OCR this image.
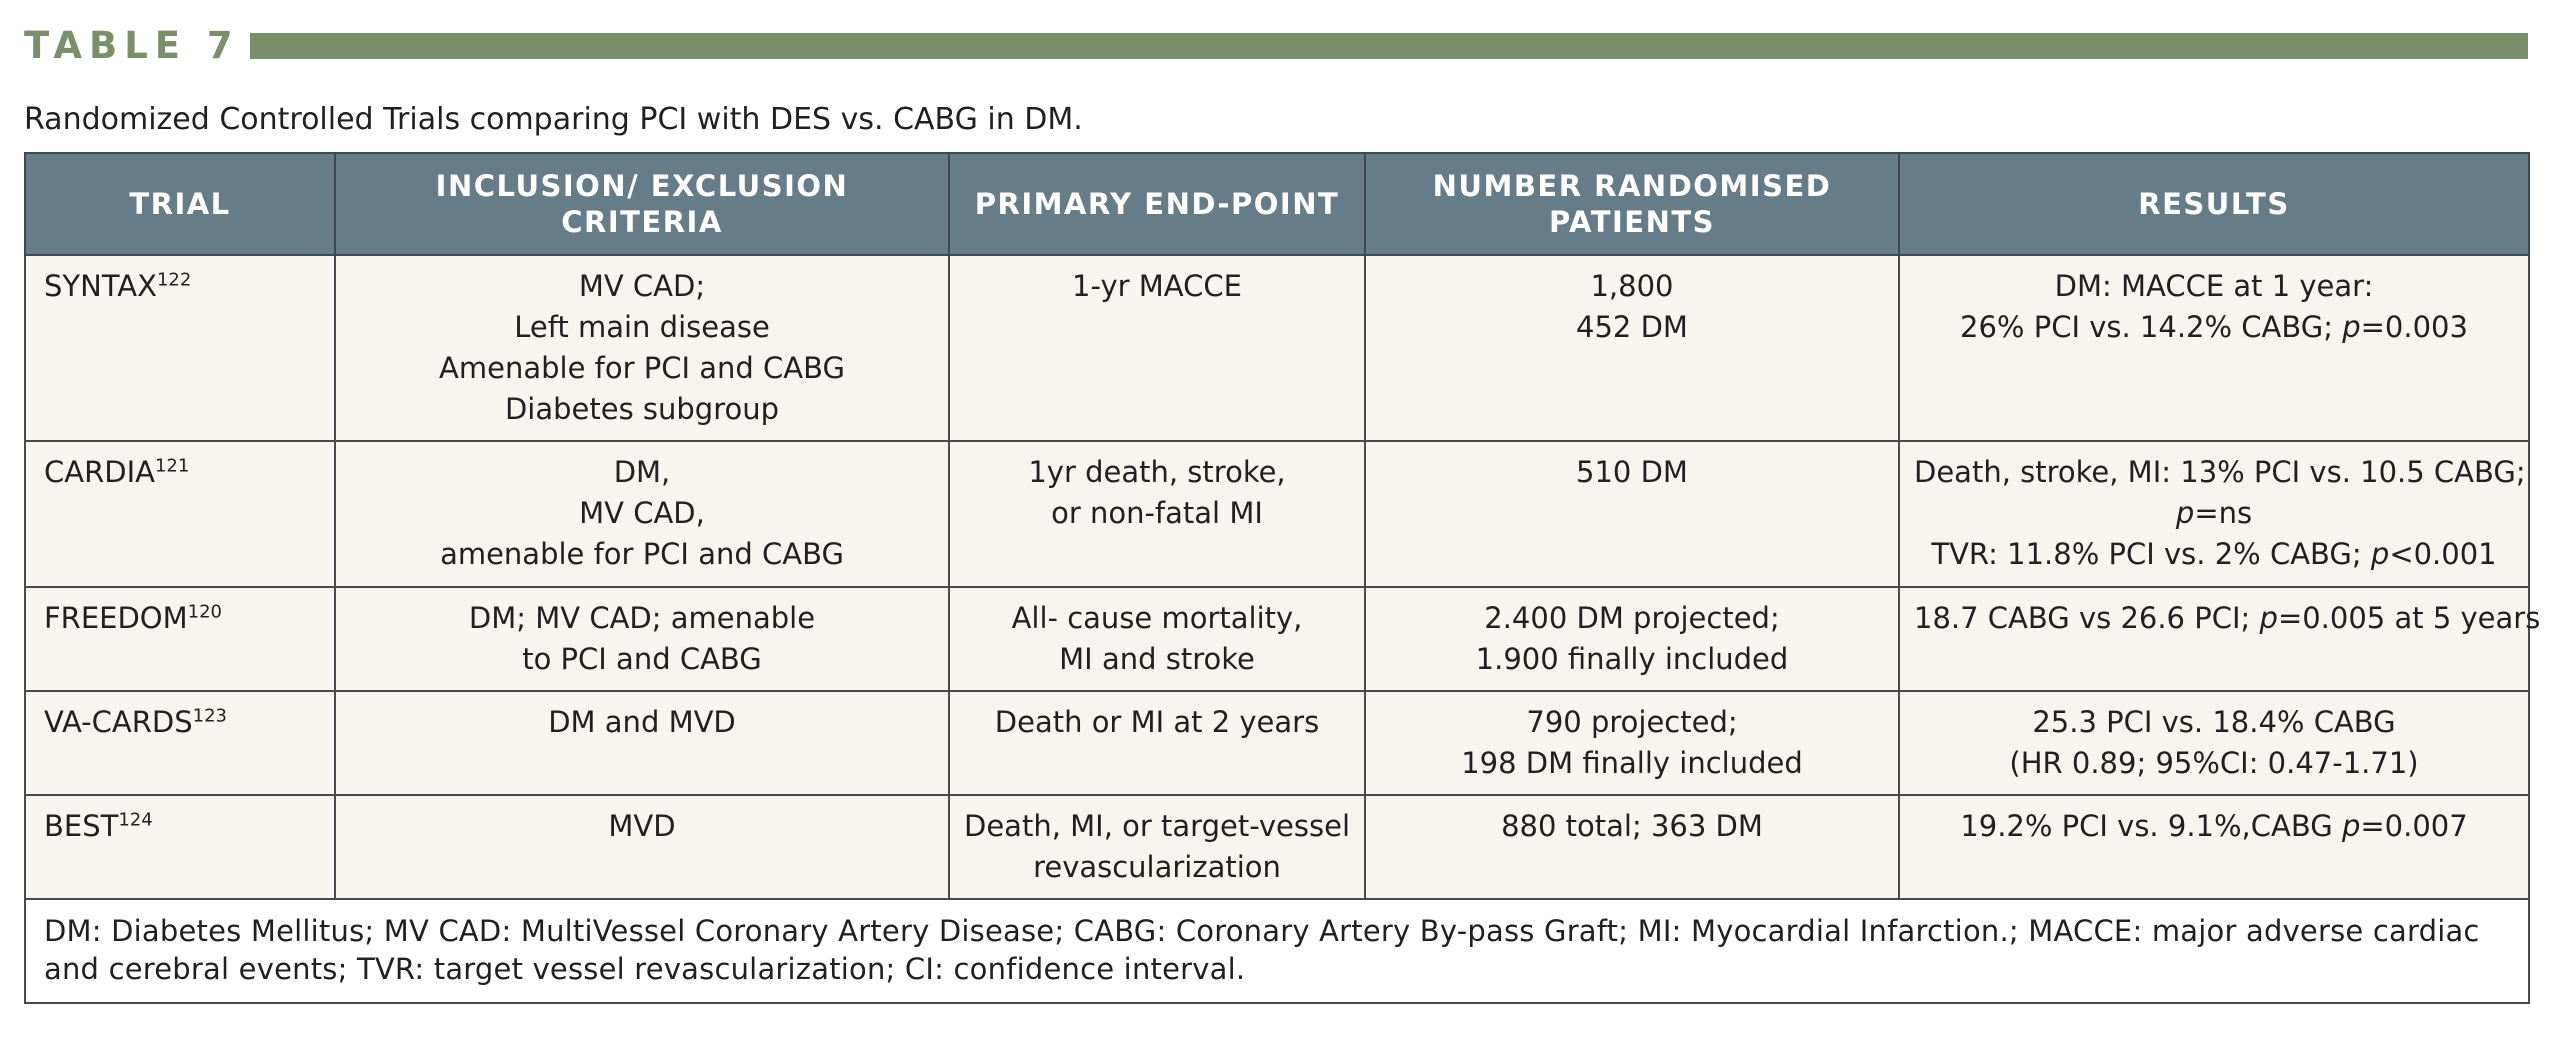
TABLE 7
Randomized Controlled Trials comparing PCI with DES vs. CABG in DM.
TRIAL	INCLUSION/ EXCLUSION CRITERIA	PRIMARY END-POINT	NUMBER RANDOMISED PATIENTS	RESULTS
SYNTAX$^{122}$	MV CAD;
Left main disease
Amenable for PCI and CABG
Diabetes subgroup	1-yr MACCE	1,800
452 DM	DM: MACCE at 1 year:
26% PCI vs. 14.2% CABG; p=0.003

CARDIA$^{121}$	DM,
MV CAD,
amenable for PCI and CABG	1yr death, stroke,
or non-fatal MI	510 DM	Death, stroke, MI: 13% PCI vs. 10.5 CABG;
p=ns
TVR: 11.8% PCI vs. 2% CABG; p<0.001

FREEDOM$^{120}$	DM; MV CAD; amenable
to PCI and CABG	All- cause mortality,
MI and stroke	2.400 DM projected;
1.900 finally included	18.7 CABG vs 26.6 PCI; p=0.005 at 5 years

VA-CARDS$^{123}$	DM and MVD	Death or MI at 2 years	790 projected;
198 DM finally included	25.3 PCI vs. 18.4% CABG
(HR 0.89; 95%CI: 0.47-1.71)

BEST$^{124}$	MVD	Death, MI, or target-vessel
revascularization	880 total; 363 DM	19.2% PCI vs. 9.1%,CABG p=0.007

DM: Diabetes Mellitus; MV CAD: MultiVessel Coronary Artery Disease; CABG: Coronary Artery By-pass Graft; MI: Myocardial Infarction.; MACCE: major adverse cardiac and cerebral events; TVR: target vessel revascularization; CI: confidence interval.				
